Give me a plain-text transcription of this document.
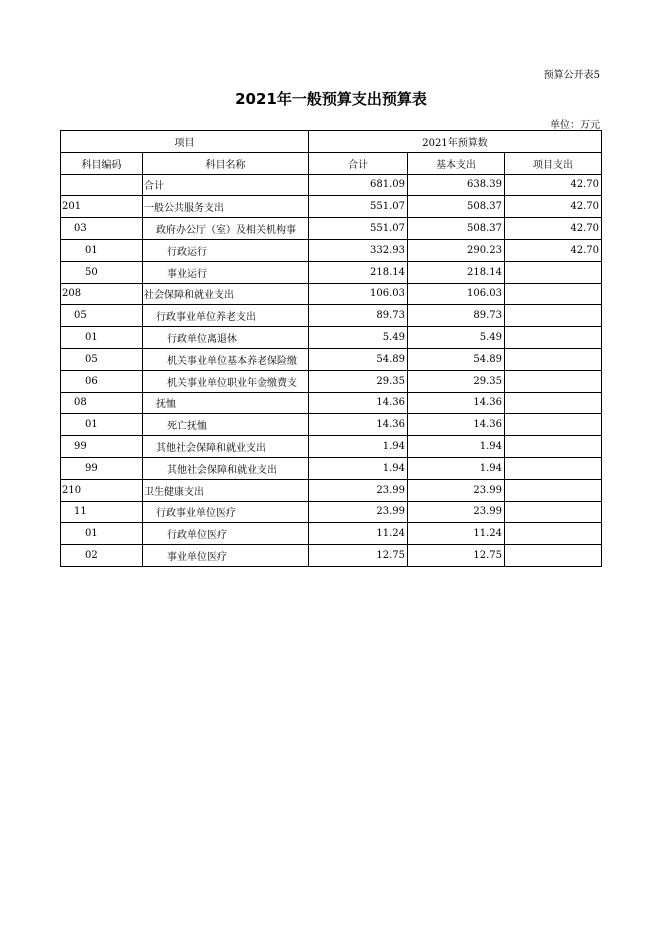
预算公开表5
2021年一般预算支出预算表
单位：万元
项目		2021年预算数		
科目编码	科目名称	合计	基本支出	项目支出
	合计	681.09	638.39	42.70
201	一般公共服务支出	551.07	508.37	42.70
03	政府办公厅（室）及相关机构事	551.07	508.37	42.70
01	行政运行	332.93	290.23	42.70
50	事业运行	218.14	218.14	
208	社会保障和就业支出	106.03	106.03	
05	行政事业单位养老支出	89.73	89.73	
01	行政单位离退休	5.49	5.49	
05	机关事业单位基本养老保险缴	54.89	54.89	
06	机关事业单位职业年金缴费支	29.35	29.35	
08	抚恤	14.36	14.36	
01	死亡抚恤	14.36	14.36	
99	其他社会保障和就业支出	1.94	1.94	
99	其他社会保障和就业支出	1.94	1.94	
210	卫生健康支出	23.99	23.99	
11	行政事业单位医疗	23.99	23.99	
01	行政单位医疗	11.24	11.24	
02	事业单位医疗	12.75	12.75	
